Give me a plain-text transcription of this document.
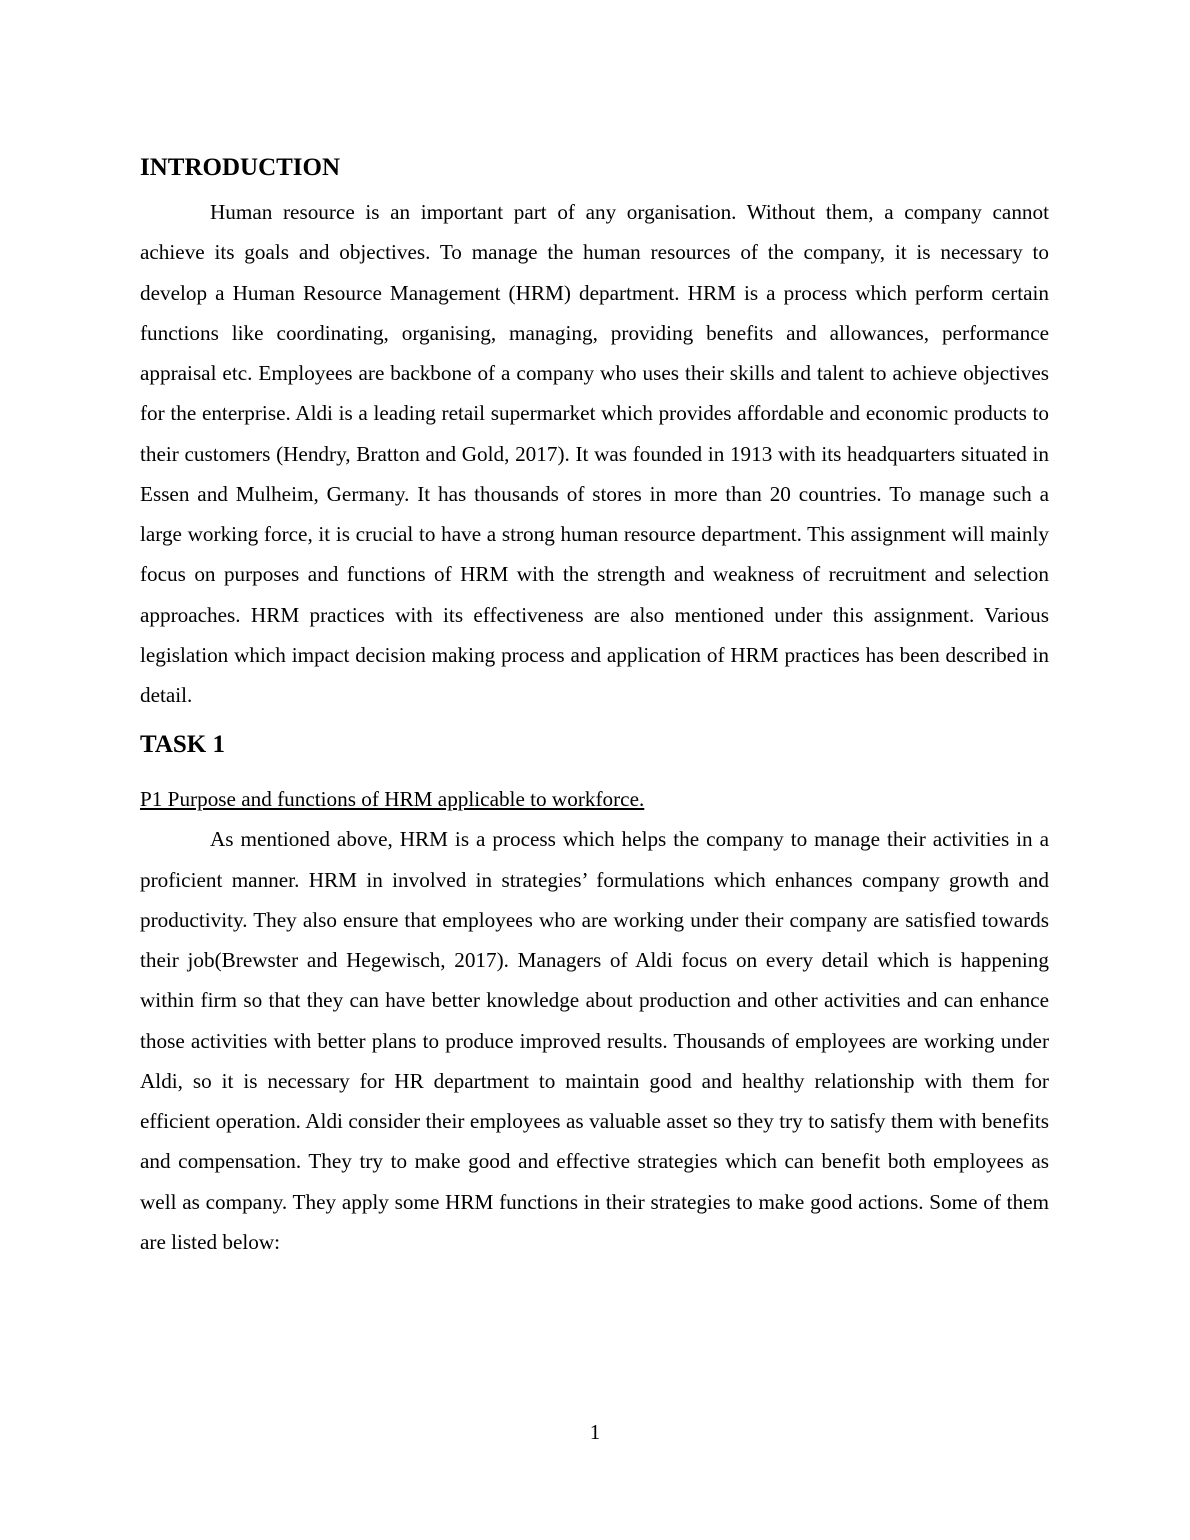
INTRODUCTION

Human resource is an important part of any organisation. Without them, a company cannot achieve its goals and objectives. To manage the human resources of the company, it is necessary to develop a Human Resource Management (HRM) department. HRM is a process which perform certain functions like coordinating, organising, managing, providing benefits and allowances, performance appraisal etc. Employees are backbone of a company who uses their skills and talent to achieve objectives for the enterprise. Aldi is a leading retail supermarket which provides affordable and economic products to their customers (Hendry, Bratton and Gold, 2017). It was founded in 1913 with its headquarters situated in Essen and Mulheim, Germany. It has thousands of stores in more than 20 countries. To manage such a large working force, it is crucial to have a strong human resource department. This assignment will mainly focus on purposes and functions of HRM with the strength and weakness of recruitment and selection approaches. HRM practices with its effectiveness are also mentioned under this assignment. Various legislation which impact decision making process and application of HRM practices has been described in detail.

TASK 1

P1 Purpose and functions of HRM applicable to workforce.

As mentioned above, HRM is a process which helps the company to manage their activities in a proficient manner. HRM in involved in strategies’ formulations which enhances company growth and productivity. They also ensure that employees who are working under their company are satisfied towards their job(Brewster and Hegewisch, 2017). Managers of Aldi focus on every detail which is happening within firm so that they can have better knowledge about production and other activities and can enhance those activities with better plans to produce improved results. Thousands of employees are working under Aldi, so it is necessary for HR department to maintain good and healthy relationship with them for efficient operation. Aldi consider their employees as valuable asset so they try to satisfy them with benefits and compensation. They try to make good and effective strategies which can benefit both employees as well as company. They apply some HRM functions in their strategies to make good actions. Some of them are listed below:

1
